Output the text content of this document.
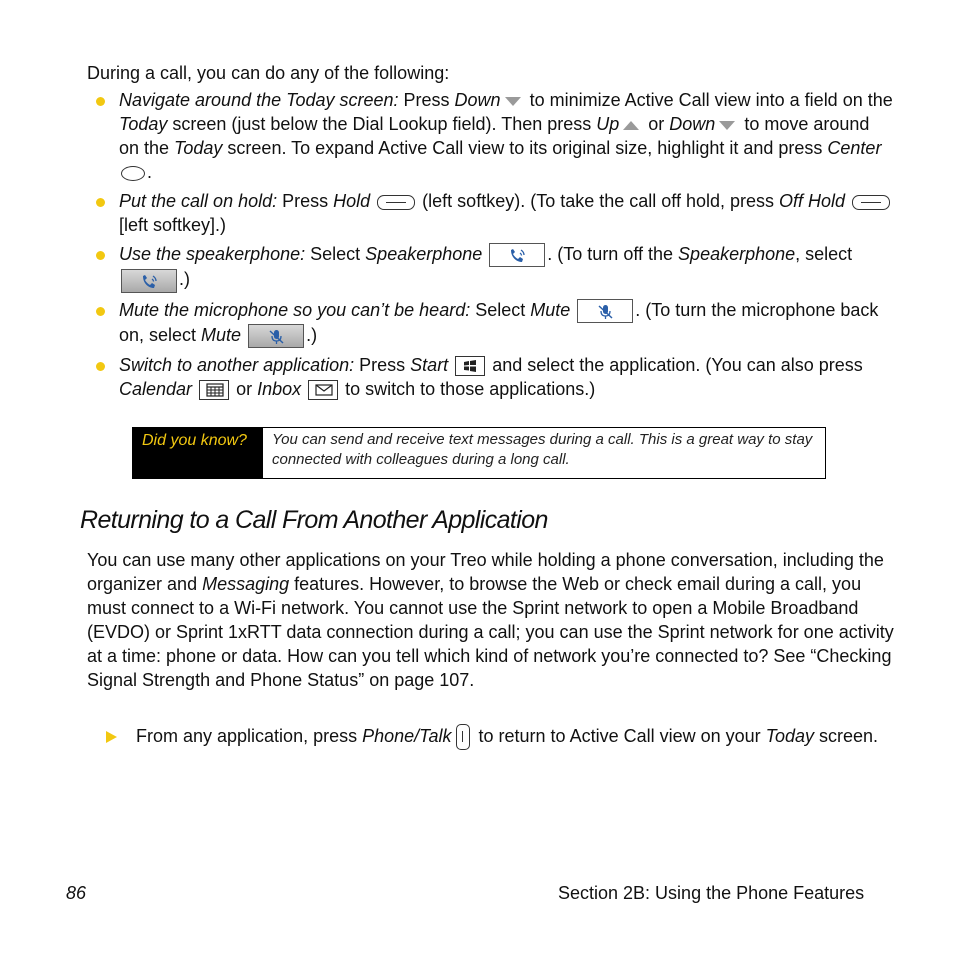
During a call, you can do any of the following:
Navigate around the Today screen: Press Down to minimize Active Call view into a field on the Today screen (just below the Dial Lookup field). Then press Up or Down to move around on the Today screen. To expand Active Call view to its original size, highlight it and press Center .
Put the call on hold: Press Hold	(left softkey). (To take the call off hold, press Off Hold  [left softkey].)
Use the speakerphone: Select Speakerphone	. (To turn off the Speakerphone, select
.)
Mute the microphone so you can’t be heard: Select Mute	. (To turn the microphone back on, select Mute	.)
Switch to another application: Press Start
and select the application. (You can also press Calendar
or Inbox
to switch to those applications.)
Did you know?	You can send and receive text messages during a call. This is a great way to stay connected with colleagues during a long call.
Returning to a Call From Another Application
You can use many other applications on your Treo while holding a phone conversation, including the organizer and Messaging features. However, to browse the Web or check email during a call, you must connect to a Wi-Fi network. You cannot use the Sprint network to open a Mobile Broadband (EVDO) or Sprint 1xRTT data connection during a call; you can use the Sprint network for one activity at a time: phone or data. How can you tell which kind of network you’re connected to? See “Checking Signal Strength and Phone Status” on page 107.
From any application, press Phone/Talk to return to Active Call view on your Today screen.
86	Section 2B: Using the Phone Features
